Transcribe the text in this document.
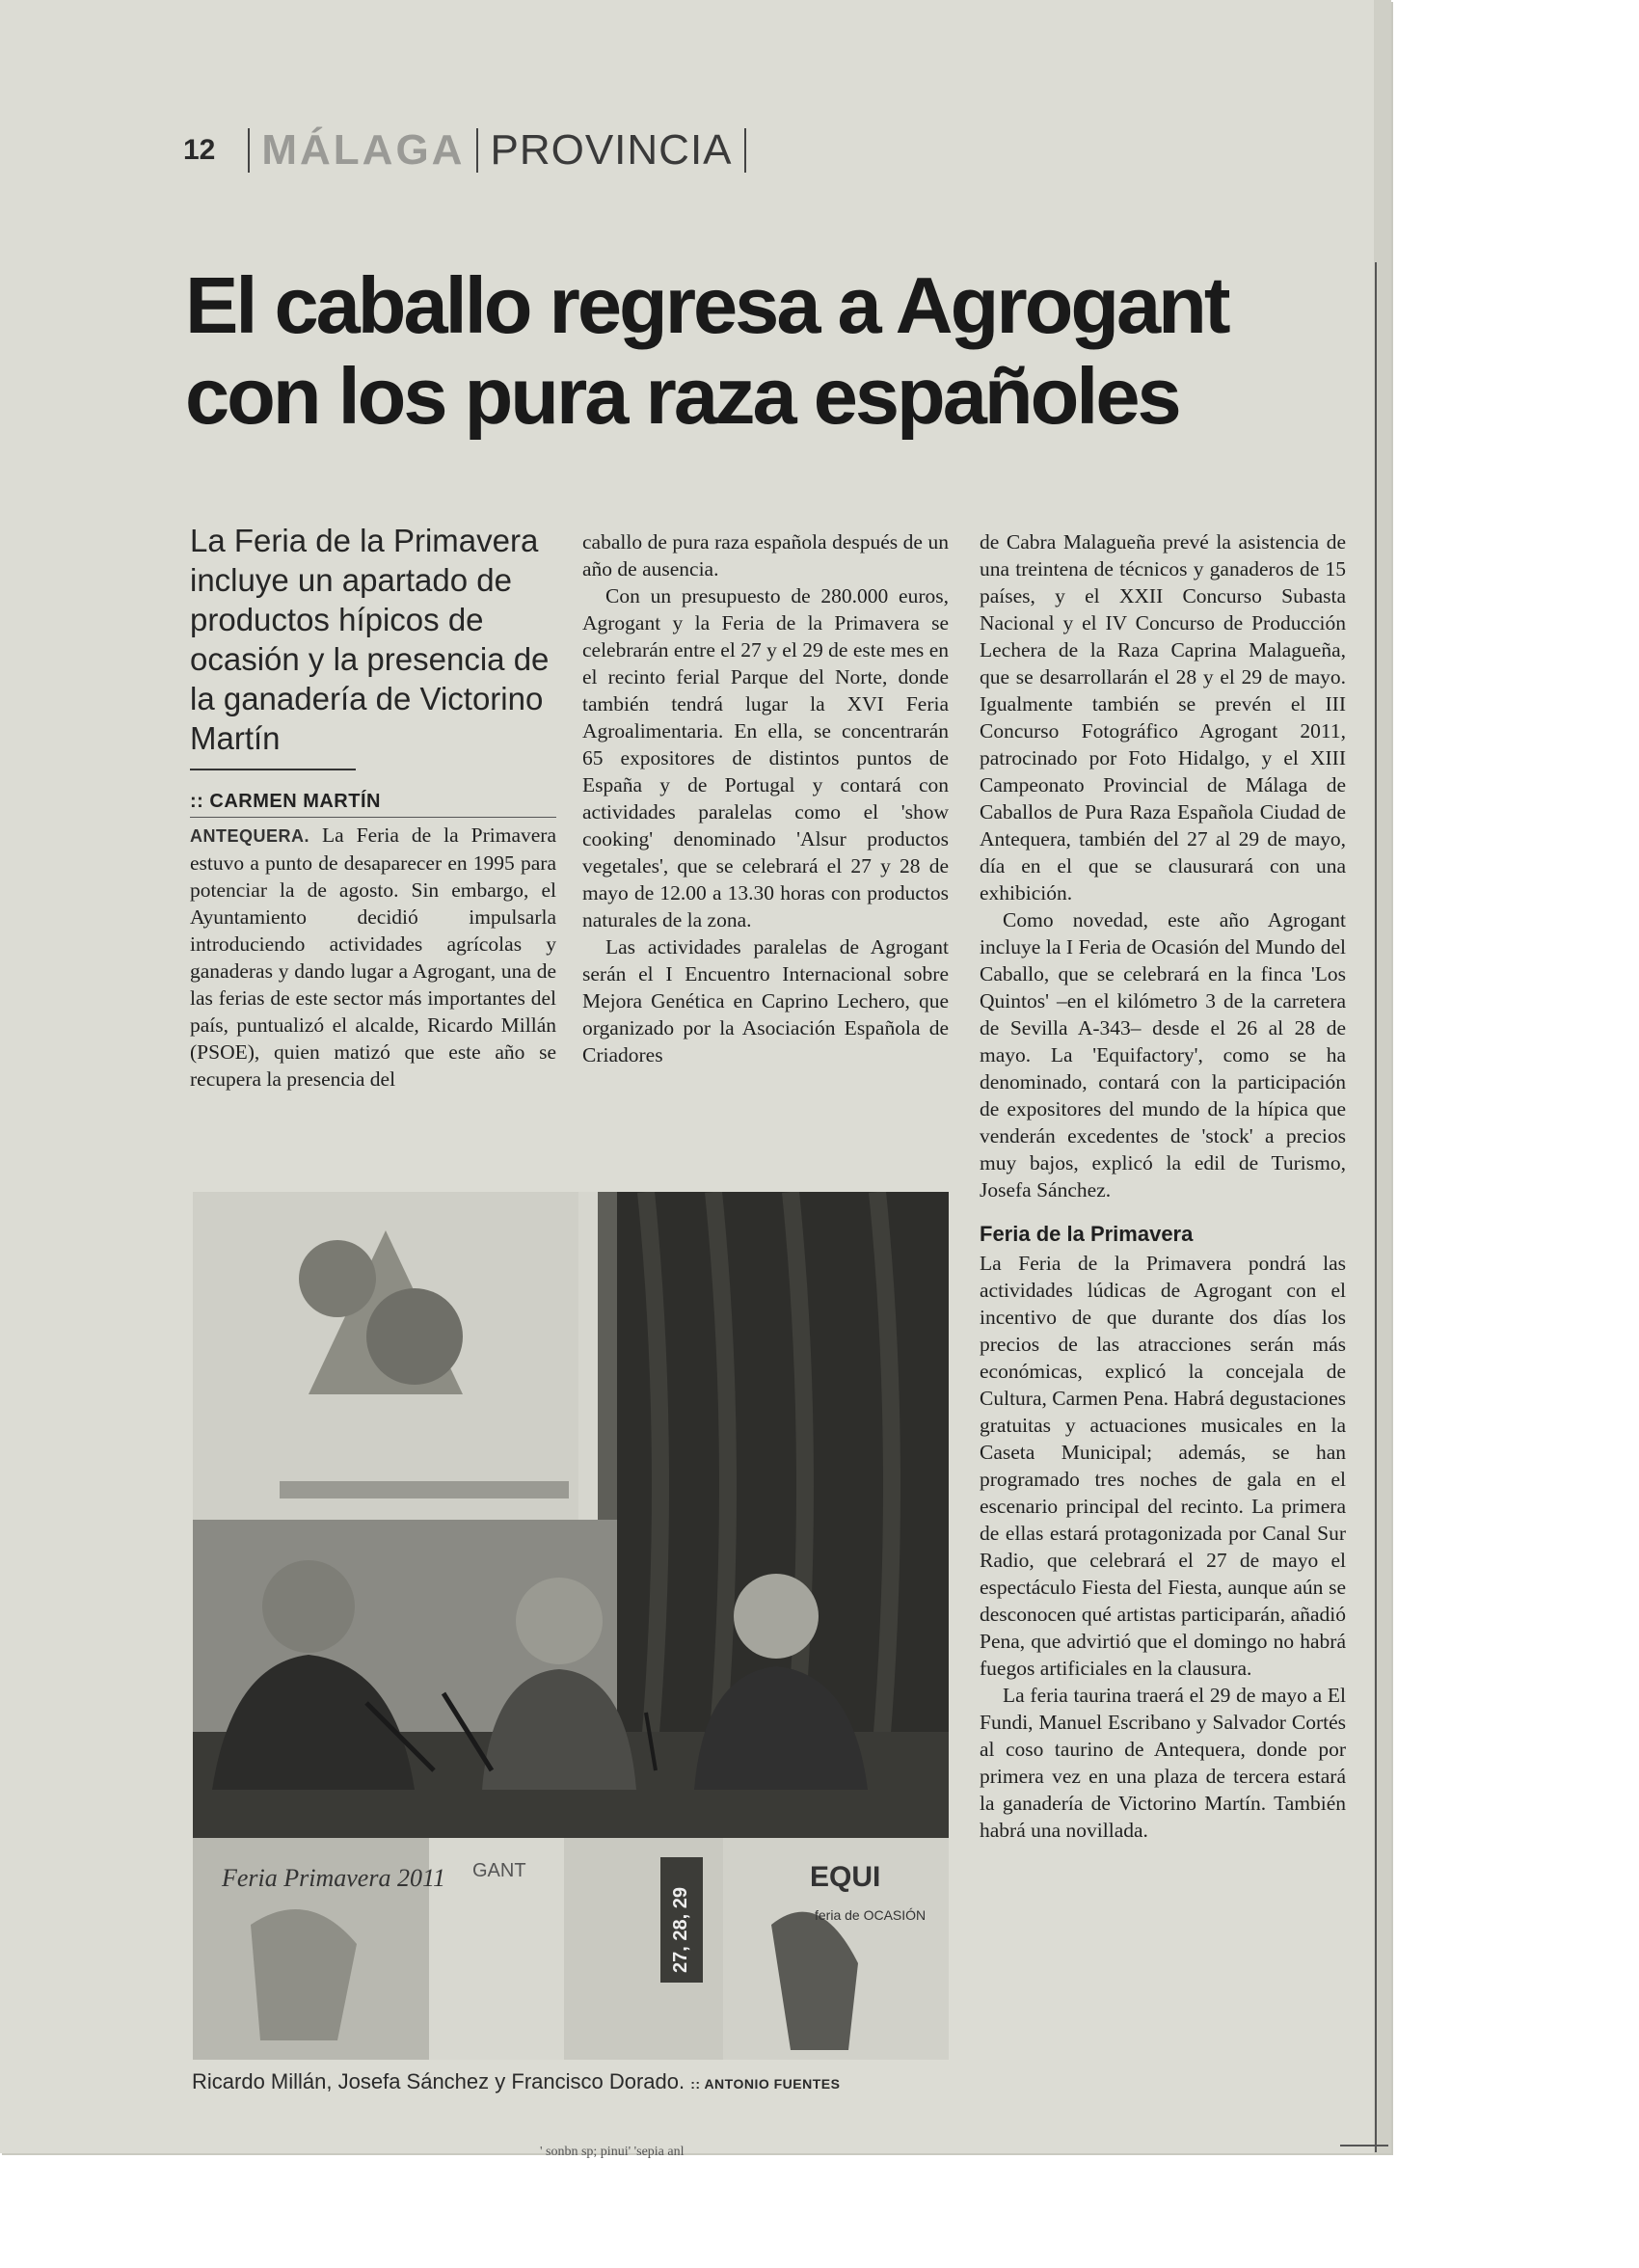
12 MÁLAGA PROVINCIA
El caballo regresa a Agrogant
con los pura raza españoles
La Feria de la Primavera incluye un apartado de productos hípicos de ocasión y la presencia de la ganadería de Victorino Martín
:: CARMEN MARTÍN

ANTEQUERA. La Feria de la Primavera estuvo a punto de desaparecer en 1995 para potenciar la de agosto. Sin embargo, el Ayuntamiento decidió impulsarla introduciendo actividades agrícolas y ganaderas y dando lugar a Agrogant, una de las ferias de este sector más importantes del país, puntualizó el alcalde, Ricardo Millán (PSOE), quien matizó que este año se recupera la presencia del

caballo de pura raza española después de un año de ausencia.

Con un presupuesto de 280.000 euros, Agrogant y la Feria de la Primavera se celebrarán entre el 27 y el 29 de este mes en el recinto ferial Parque del Norte, donde también tendrá lugar la XVI Feria Agroalimentaria. En ella, se concentrarán 65 expositores de distintos puntos de España y de Portugal y contará con actividades paralelas como el 'show cooking' denominado 'Alsur productos vegetales', que se celebrará el 27 y 28 de mayo de 12.00 a 13.30 horas con productos naturales de la zona.

Las actividades paralelas de Agrogant serán el I Encuentro Internacional sobre Mejora Genética en Caprino Lechero, que organizado por la Asociación Española de Criadores

de Cabra Malagueña prevé la asistencia de una treintena de técnicos y ganaderos de 15 países, y el XXII Concurso Subasta Nacional y el IV Concurso de Producción Lechera de la Raza Caprina Malagueña, que se desarrollarán el 28 y el 29 de mayo. Igualmente también se prevén el III Concurso Fotográfico Agrogant 2011, patrocinado por Foto Hidalgo, y el XIII Campeonato Provincial de Málaga de Caballos de Pura Raza Española Ciudad de Antequera, también del 27 al 29 de mayo, día en el que se clausurará con una exhibición.

Como novedad, este año Agrogant incluye la I Feria de Ocasión del Mundo del Caballo, que se celebrará en la finca 'Los Quintos' –en el kilómetro 3 de la carretera de Sevilla A-343– desde el 26 al 28 de mayo. La 'Equifactory', como se ha denominado, contará con la participación de expositores del mundo de la hípica que venderán excedentes de 'stock' a precios muy bajos, explicó la edil de Turismo, Josefa Sánchez.

Feria de la Primavera

La Feria de la Primavera pondrá las actividades lúdicas de Agrogant con el incentivo de que durante dos días los precios de las atracciones serán más económicas, explicó la concejala de Cultura, Carmen Pena. Habrá degustaciones gratuitas y actuaciones musicales en la Caseta Municipal; además, se han programado tres noches de gala en el escenario principal del recinto. La primera de ellas estará protagonizada por Canal Sur Radio, que celebrará el 27 de mayo el espectáculo Fiesta del Fiesta, aunque aún se desconocen qué artistas participarán, añadió Pena, que advirtió que el domingo no habrá fuegos artificiales en la clausura.

La feria taurina traerá el 29 de mayo a El Fundi, Manuel Escribano y Salvador Cortés al coso taurino de Antequera, donde por primera vez en una plaza de tercera estará la ganadería de Victorino Martín. También habrá una novillada.

Feria Primavera 2011 GANT
27, 28, 29
EQUI
feria de OCASIÓN
Ricardo Millán, Josefa Sánchez y Francisco Dorado. :: ANTONIO FUENTES
' sonbn sp; pinui' 'sepia anl
